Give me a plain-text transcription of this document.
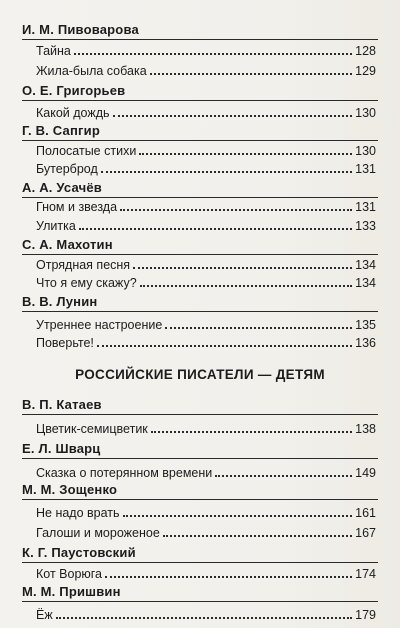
И. М. Пивоварова
Тайна	128
Жила-была собака	129
О. Е. Григорьев
Какой дождь	130
Г. В. Сапгир
Полосатые стихи	130
Бутерброд	131
А. А. Усачёв
Гном и звезда	131
Улитка	133
С. А. Махотин
Отрядная песня	134
Что я ему скажу?	134
В. В. Лунин
Утреннее настроение	135
Поверьте!	136
РОССИЙСКИЕ ПИСАТЕЛИ — ДЕТЯМ
В. П. Катаев
Цветик-семицветик	138
Е. Л. Шварц
Сказка о потерянном времени	149
М. М. Зощенко
Не надо врать	161
Галоши и мороженое	167
К. Г. Паустовский
Кот Ворюга	174
М. М. Пришвин
Ёж	179
